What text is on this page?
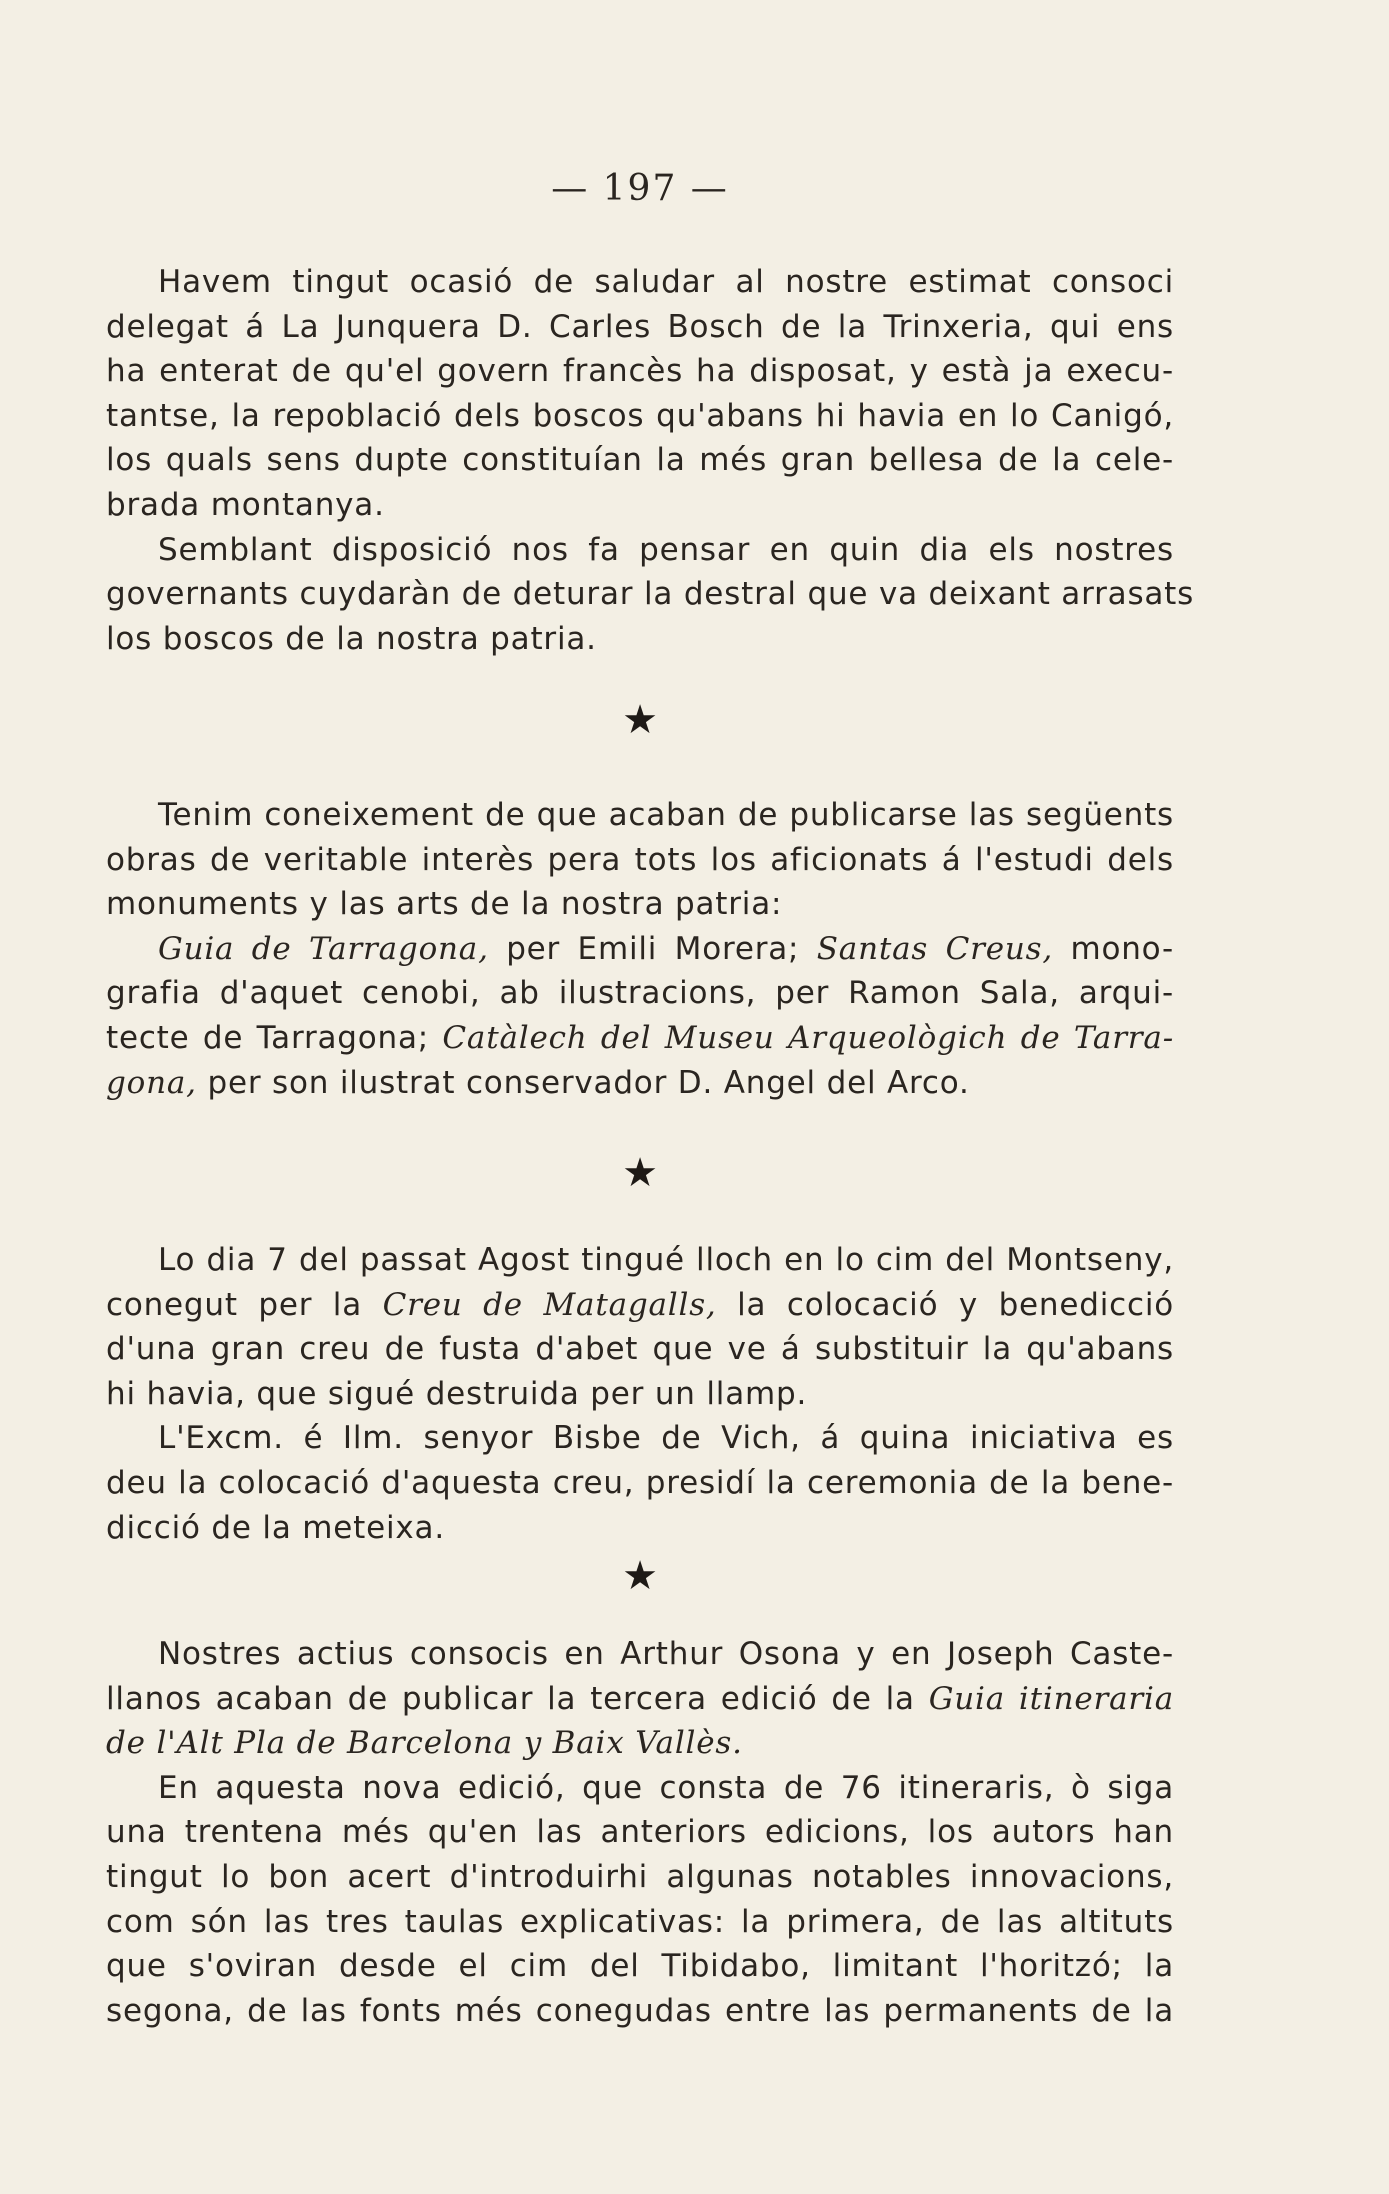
— 197 —
Havem tingut ocasió de saludar al nostre estimat consoci
delegat á La Junquera D. Carles Bosch de la Trinxeria, qui ens
ha enterat de qu'el govern francès ha disposat, y està ja execu-
tantse, la repoblació dels boscos qu'abans hi havia en lo Canigó,
los quals sens dupte constituían la més gran bellesa de la cele-
brada montanya.
Semblant disposició nos fa pensar en quin dia els nostres
governants cuydaràn de deturar la destral que va deixant arrasats
los boscos de la nostra patria.
★
Tenim coneixement de que acaban de publicarse las següents
obras de veritable interès pera tots los aficionats á l'estudi dels
monuments y las arts de la nostra patria:
Guia de Tarragona, per Emili Morera; Santas Creus, mono-
grafia d'aquet cenobi, ab ilustracions, per Ramon Sala, arqui-
tecte de Tarragona; Catàlech del Museu Arqueològich de Tarra-
gona, per son ilustrat conservador D. Angel del Arco.
★
Lo dia 7 del passat Agost tingué lloch en lo cim del Montseny,
conegut per la Creu de Matagalls, la colocació y benedicció
d'una gran creu de fusta d'abet que ve á substituir la qu'abans
hi havia, que sigué destruida per un llamp.
L'Excm. é Ilm. senyor Bisbe de Vich, á quina iniciativa es
deu la colocació d'aquesta creu, presidí la ceremonia de la bene-
dicció de la meteixa.
★
Nostres actius consocis en Arthur Osona y en Joseph Caste-
llanos acaban de publicar la tercera edició de la Guia itineraria
de l'Alt Pla de Barcelona y Baix Vallès.
En aquesta nova edició, que consta de 76 itineraris, ò siga
una trentena més qu'en las anteriors edicions, los autors han
tingut lo bon acert d'introduirhi algunas notables innovacions,
com són las tres taulas explicativas: la primera, de las altituts
que s'oviran desde el cim del Tibidabo, limitant l'horitzó; la
segona, de las fonts més conegudas entre las permanents de la
